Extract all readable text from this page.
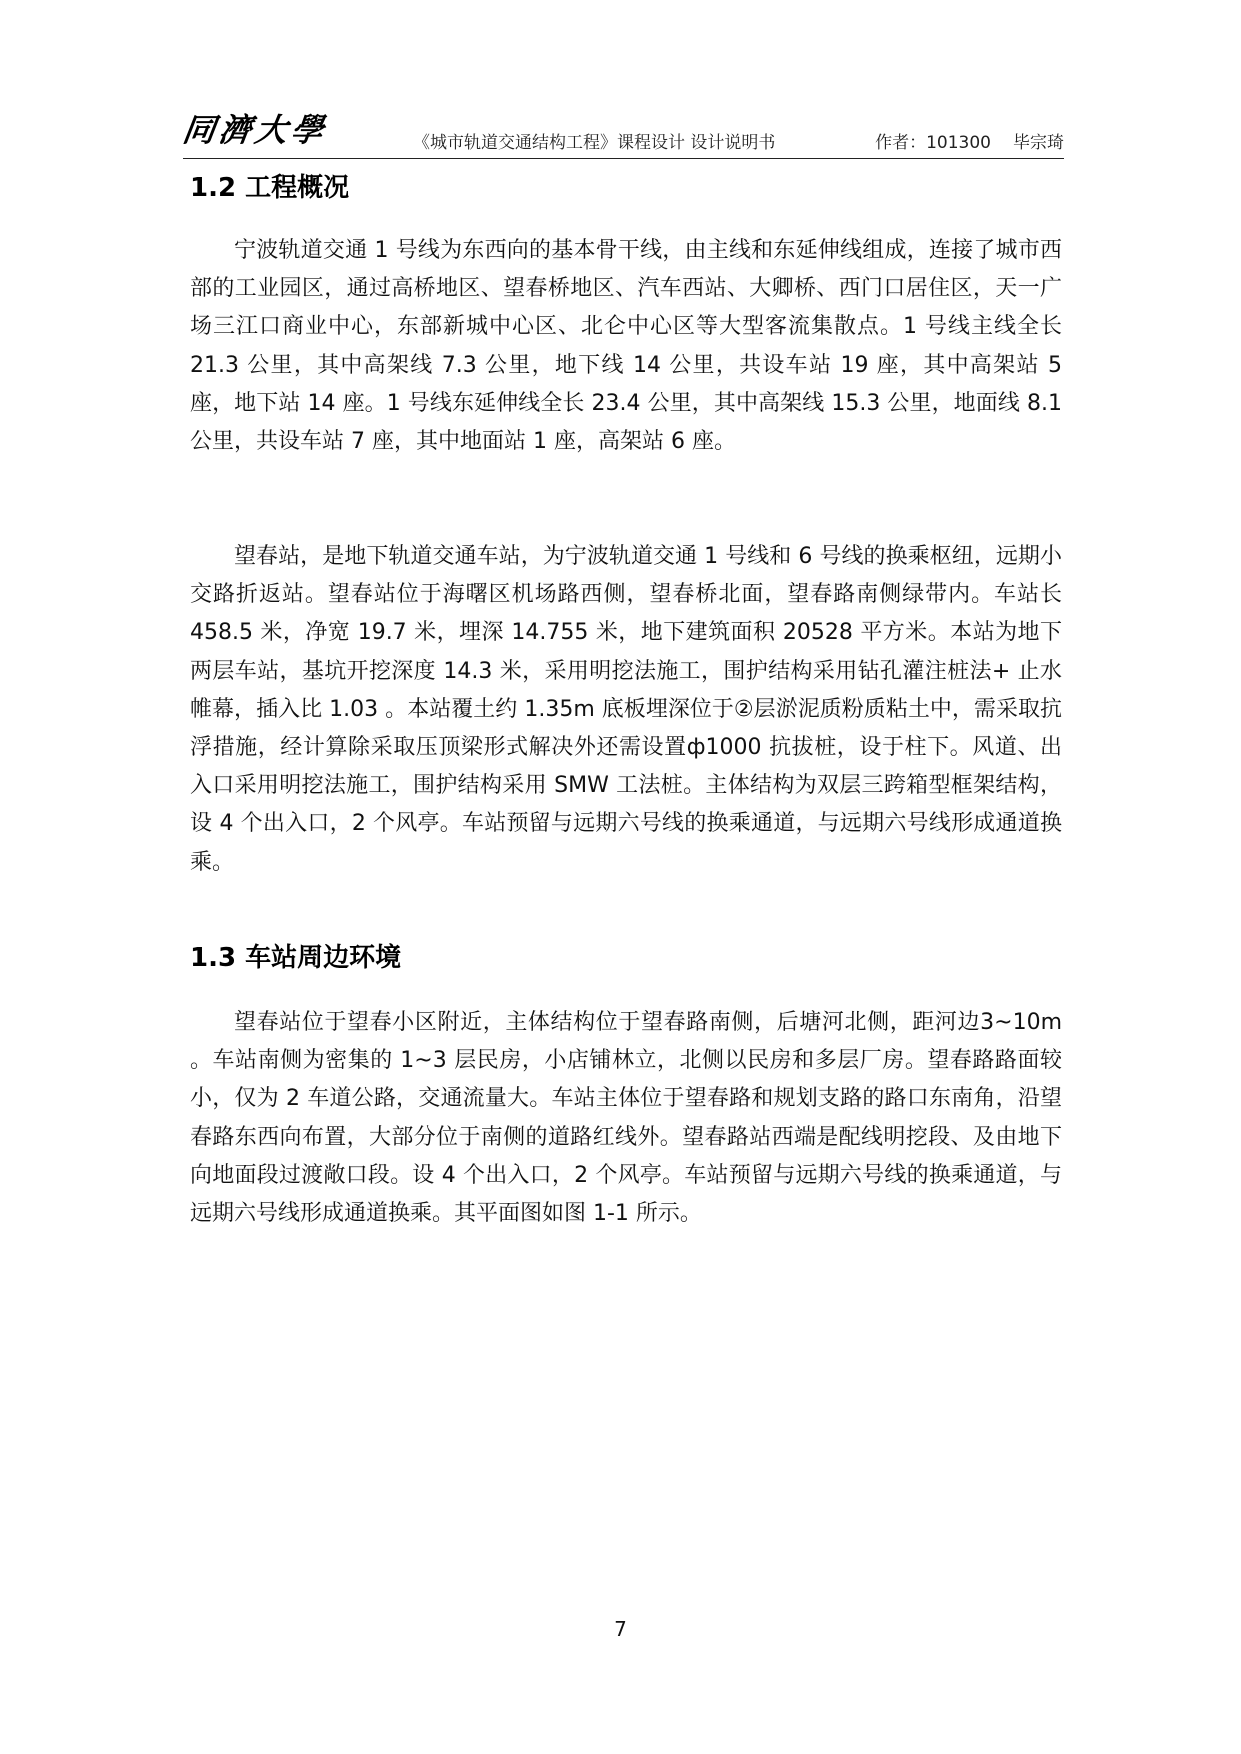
同濟大學	《城市轨道交通结构工程》课程设计 设计说明书	作者：101300 毕宗琦
1.2 工程概况

宁波轨道交通 1 号线为东西向的基本骨干线，由主线和东延伸线组成，连接了城市西部的工业园区，通过高桥地区、望春桥地区、汽车西站、大卿桥、西门口居住区，天一广场三江口商业中心，东部新城中心区、北仑中心区等大型客流集散点。1 号线主线全长 21.3 公里，其中高架线 7.3 公里，地下线 14 公里，共设车站 19 座，其中高架站 5 座，地下站 14 座。1 号线东延伸线全长 23.4 公里，其中高架线 15.3 公里，地面线 8.1 公里，共设车站 7 座，其中地面站 1 座，高架站 6 座。

望春站，是地下轨道交通车站，为宁波轨道交通 1 号线和 6 号线的换乘枢纽，远期小交路折返站。望春站位于海曙区机场路西侧，望春桥北面，望春路南侧绿带内。车站长 458.5 米，净宽 19.7 米，埋深 14.755 米，地下建筑面积 20528 平方米。本站为地下两层车站，基坑开挖深度 14.3 米，采用明挖法施工，围护结构采用钻孔灌注桩法+ 止水帷幕，插入比 1.03 。本站覆土约 1.35m 底板埋深位于②层淤泥质粉质粘土中，需采取抗浮措施，经计算除采取压顶梁形式解决外还需设置ф1000 抗拔桩，设于柱下。风道、出入口采用明挖法施工，围护结构采用 SMW 工法桩。主体结构为双层三跨箱型框架结构，设 4 个出入口，2 个风亭。车站预留与远期六号线的换乘通道，与远期六号线形成通道换乘。

1.3 车站周边环境

望春站位于望春小区附近，主体结构位于望春路南侧，后塘河北侧，距河边3~10m 。车站南侧为密集的 1~3 层民房，小店铺林立，北侧以民房和多层厂房。望春路路面较小，仅为 2 车道公路，交通流量大。车站主体位于望春路和规划支路的路口东南角，沿望春路东西向布置，大部分位于南侧的道路红线外。望春路站西端是配线明挖段、及由地下向地面段过渡敞口段。设 4 个出入口，2 个风亭。车站预留与远期六号线的换乘通道，与远期六号线形成通道换乘。其平面图如图 1-1 所示。

7
